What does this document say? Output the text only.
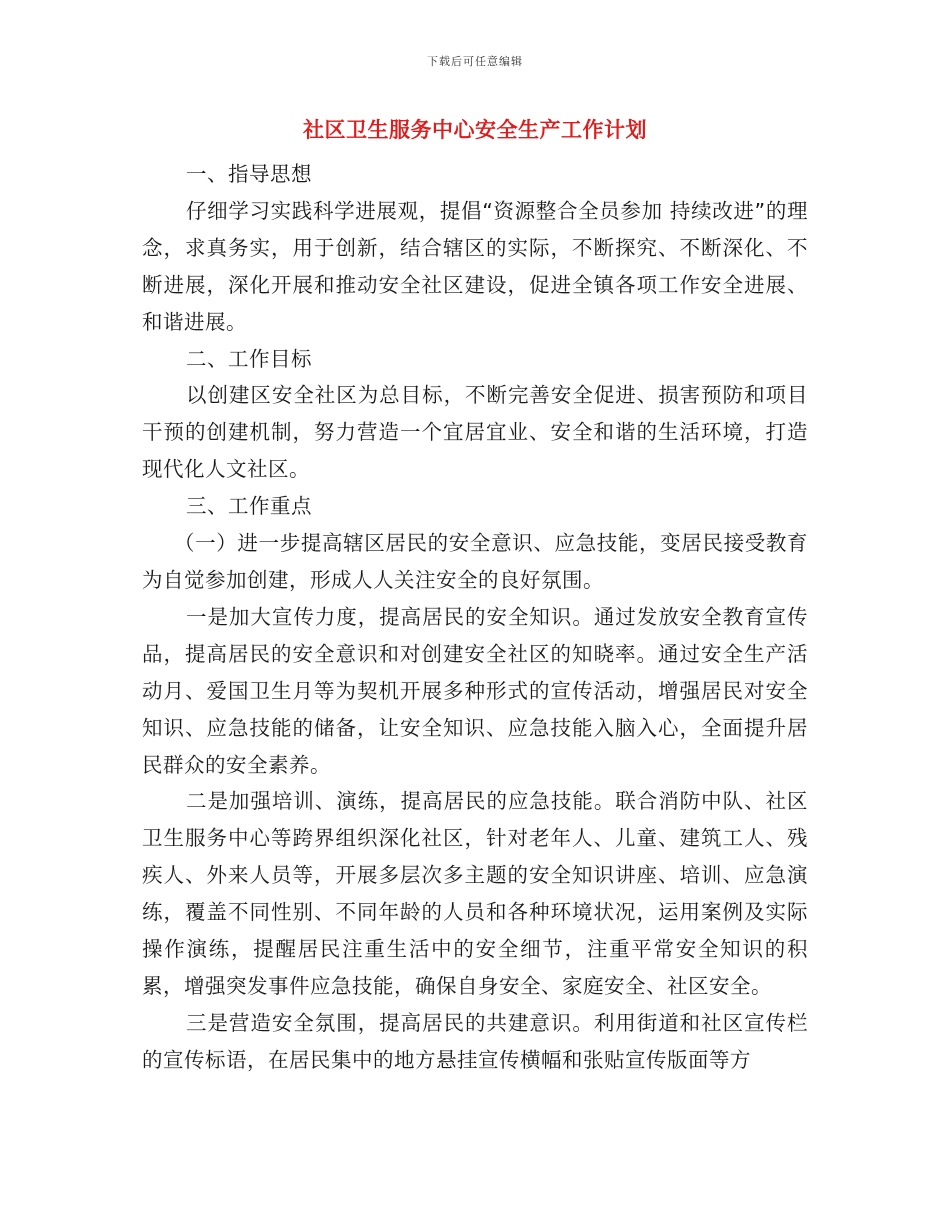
下载后可任意编辑
社区卫生服务中心安全生产工作计划

一、指导思想

仔细学习实践科学进展观，提倡“资源整合全员参加 持续改进”的理念，求真务实，用于创新，结合辖区的实际，不断探究、不断深化、不断进展，深化开展和推动安全社区建设，促进全镇各项工作安全进展、和谐进展。

二、工作目标

以创建区安全社区为总目标，不断完善安全促进、损害预防和项目干预的创建机制，努力营造一个宜居宜业、安全和谐的生活环境，打造现代化人文社区。

三、工作重点

（一）进一步提高辖区居民的安全意识、应急技能，变居民接受教育为自觉参加创建，形成人人关注安全的良好氛围。

一是加大宣传力度，提高居民的安全知识。通过发放安全教育宣传品，提高居民的安全意识和对创建安全社区的知晓率。通过安全生产活动月、爱国卫生月等为契机开展多种形式的宣传活动，增强居民对安全知识、应急技能的储备，让安全知识、应急技能入脑入心，全面提升居民群众的安全素养。

二是加强培训、演练，提高居民的应急技能。联合消防中队、社区卫生服务中心等跨界组织深化社区，针对老年人、儿童、建筑工人、残疾人、外来人员等，开展多层次多主题的安全知识讲座、培训、应急演练，覆盖不同性别、不同年龄的人员和各种环境状况，运用案例及实际操作演练，提醒居民注重生活中的安全细节，注重平常安全知识的积累，增强突发事件应急技能，确保自身安全、家庭安全、社区安全。

三是营造安全氛围，提高居民的共建意识。利用街道和社区宣传栏的宣传标语，在居民集中的地方悬挂宣传横幅和张贴宣传版面等方
